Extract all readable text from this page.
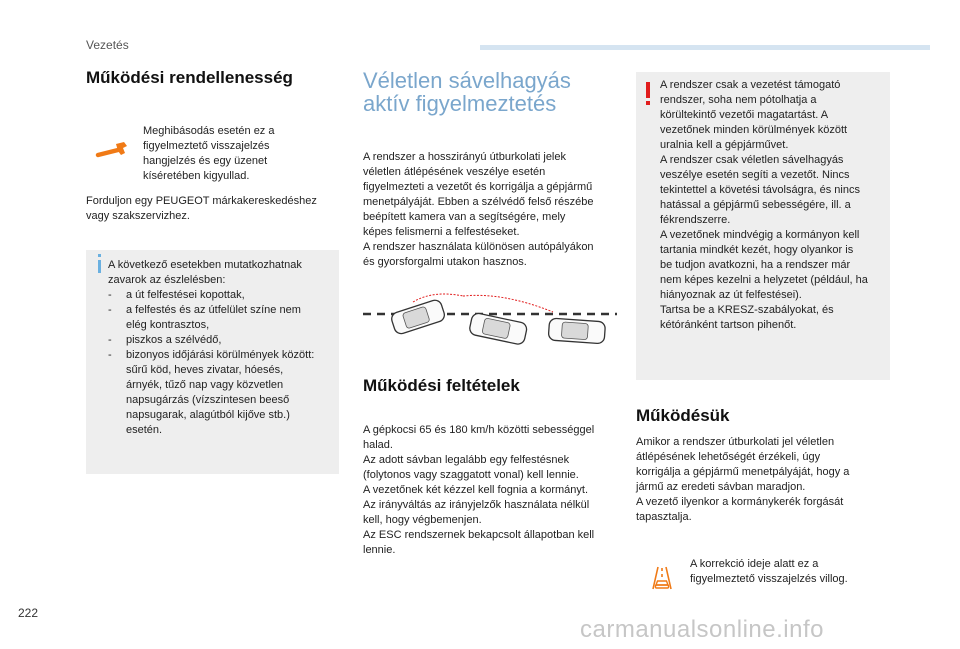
Vezetés
Működési rendellenesség
Meghibásodás esetén ez a
figyelmeztető visszajelzés
hangjelzés és egy üzenet
kíséretében kigyullad.
Forduljon egy PEUGEOT márkakereskedéshez
vagy szakszervizhez.
A következő esetekben mutatkozhatnak
zavarok az észlelésben:
- a út felfestései kopottak,
- a felfestés és az útfelület színe nem
elég kontrasztos,
- piszkos a szélvédő,
- bizonyos időjárási körülmények között:
sűrű köd, heves zivatar, hóesés,
árnyék, tűző nap vagy közvetlen
napsugárzás (vízszintesen beeső
napsugarak, alagútból kijőve stb.)
esetén.
Véletlen sávelhagyás
aktív figyelmeztetés
A rendszer a hosszirányú útburkolati jelek
véletlen átlépésének veszélye esetén
figyelmezteti a vezetőt és korrigálja a gépjármű
menetpályáját. Ebben a szélvédő felső részébe
beépített kamera van a segítségére, mely
képes felismerni a felfestéseket.
A rendszer használata különösen autópályákon
és gyorsforgalmi utakon hasznos.
Működési feltételek
A gépkocsi 65 és 180 km/h közötti sebességgel
halad.
Az adott sávban legalább egy felfestésnek
(folytonos vagy szaggatott vonal) kell lennie.
A vezetőnek két kézzel kell fognia a kormányt.
Az irányváltás az irányjelzők használata nélkül
kell, hogy végbemenjen.
Az ESC rendszernek bekapcsolt állapotban kell
lennie.
A rendszer csak a vezetést támogató
rendszer, soha nem pótolhatja a
körültekintő vezetői magatartást. A
vezetőnek minden körülmények között
uralnia kell a gépjárművet.
A rendszer csak véletlen sávelhagyás
veszélye esetén segíti a vezetőt. Nincs
tekintettel a követési távolságra, és nincs
hatással a gépjármű sebességére, ill. a
fékrendszerre.
A vezetőnek mindvégig a kormányon kell
tartania mindkét kezét, hogy olyankor is
be tudjon avatkozni, ha a rendszer már
nem képes kezelni a helyzetet (például, ha
hiányoznak az út felfestései).
Tartsa be a KRESZ-szabályokat, és
kétóránként tartson pihenőt.
Működésük
Amikor a rendszer útburkolati jel véletlen
átlépésének lehetőségét érzékeli, úgy
korrigálja a gépjármű menetpályáját, hogy a
jármű az eredeti sávban maradjon.
A vezető ilyenkor a kormánykerék forgását
tapasztalja.
A korrekció ideje alatt ez a
figyelmeztető visszajelzés villog.
222
carmanualsonline.info
